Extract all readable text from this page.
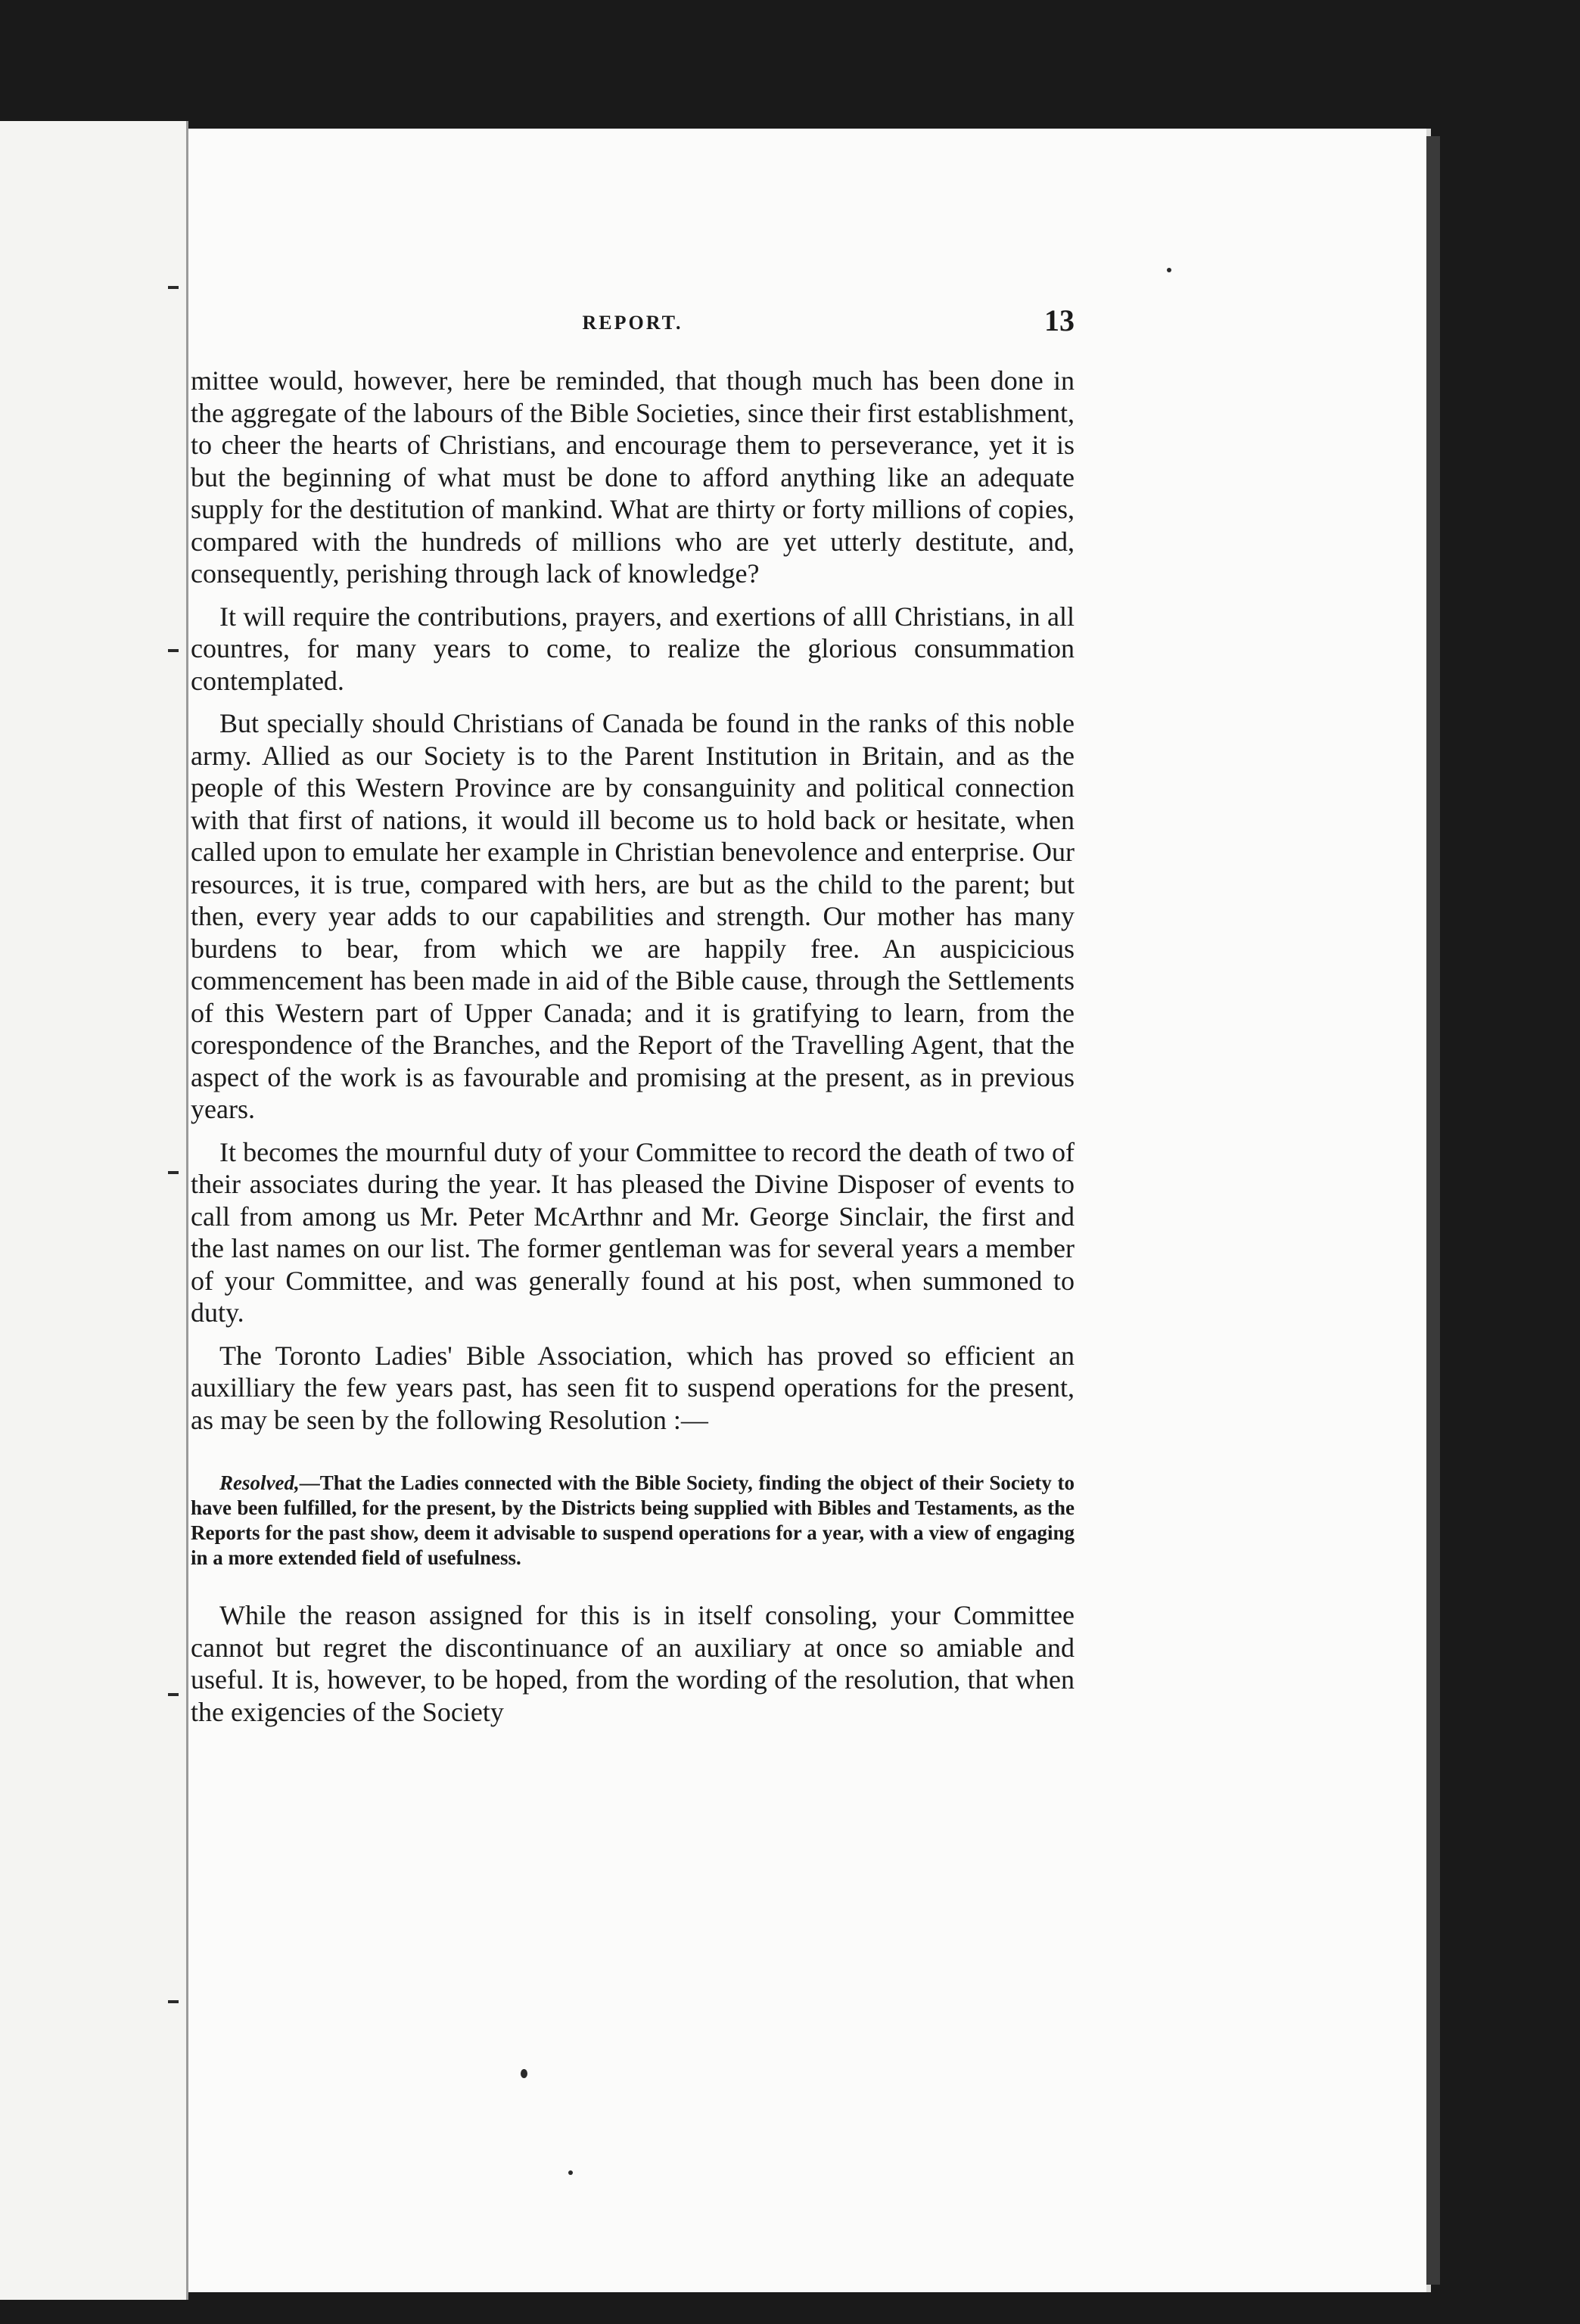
REPORT.	13

mittee would, however, here be reminded, that though much has been done in the aggregate of the labours of the Bible Societies, since their first establishment, to cheer the hearts of Christians, and encourage them to perseverance, yet it is but the beginning of what must be done to afford anything like an adequate supply for the destitution of mankind. What are thirty or forty millions of copies, compared with the hundreds of millions who are yet utterly destitute, and, consequently, perishing through lack of knowledge?

It will require the contributions, prayers, and exertions of alll Christians, in all countres, for many years to come, to realize the glorious consummation contemplated.

But specially should Christians of Canada be found in the ranks of this noble army. Allied as our Society is to the Parent Institution in Britain, and as the people of this Western Province are by consanguinity and political connection with that first of nations, it would ill become us to hold back or hesitate, when called upon to emulate her example in Christian benevolence and enterprise. Our resources, it is true, compared with hers, are but as the child to the parent; but then, every year adds to our capabilities and strength. Our mother has many burdens to bear, from which we are happily free. An auspicicious commencement has been made in aid of the Bible cause, through the Settlements of this Western part of Upper Canada; and it is gratifying to learn, from the corespondence of the Branches, and the Report of the Travelling Agent, that the aspect of the work is as favourable and promising at the present, as in previous years.

It becomes the mournful duty of your Committee to record the death of two of their associates during the year. It has pleased the Divine Disposer of events to call from among us Mr. Peter McArthnr and Mr. George Sinclair, the first and the last names on our list. The former gentleman was for several years a member of your Committee, and was generally found at his post, when summoned to duty.

The Toronto Ladies' Bible Association, which has proved so efficient an auxilliary the few years past, has seen fit to suspend operations for the present, as may be seen by the following Resolution :—

Resolved,—That the Ladies connected with the Bible Society, finding the object of their Society to have been fulfilled, for the present, by the Districts being supplied with Bibles and Testaments, as the Reports for the past show, deem it advisable to suspend operations for a year, with a view of engaging in a more extended field of usefulness.

While the reason assigned for this is in itself consoling, your Committee cannot but regret the discontinuance of an auxiliary at once so amiable and useful. It is, however, to be hoped, from the wording of the resolution, that when the exigencies of the Society
